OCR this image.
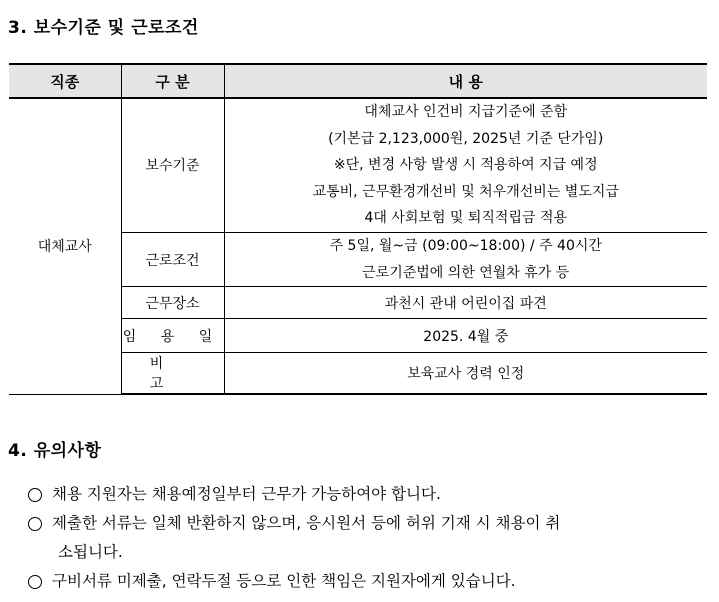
3. 보수기준 및 근로조건
직종	구 분	내 용
대체교사	보수기준	대체교사 인건비 지급기준에 준함
(기본급 2,123,000원, 2025년 기준 단가임)
※단, 변경 사항 발생 시 적용하여 지급 예정
교통비, 근무환경개선비 및 처우개선비는 별도지급
4대 사회보험 및 퇴직적립금 적용

	근로조건	주 5일, 월~금 (09:00~18:00) / 주 40시간
근로기준법에 의한 연월차 휴가 등

	근무장소	과천시 관내 어린이집 파견
	임 용 일	2025. 4월 중
	비 고	보육교사 경력 인정
4. 유의사항
채용 지원자는 채용예정일부터 근무가 가능하여야 합니다.
제출한 서류는 일체 반환하지 않으며, 응시원서 등에 허위 기재 시 채용이 취
소됩니다.
구비서류 미제출, 연락두절 등으로 인한 책임은 지원자에게 있습니다.
